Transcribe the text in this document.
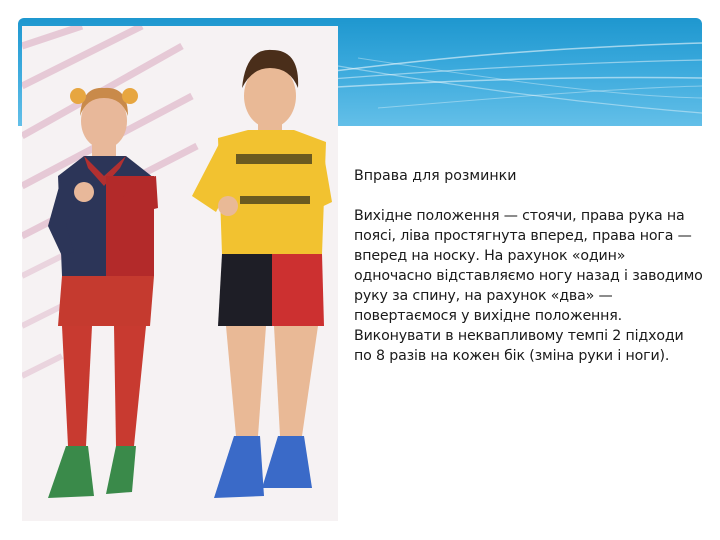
Вправа для розминки

Вихідне положення — стоячи, права рука на поясі, ліва простягнута вперед, права нога — вперед на носку. На рахунок «один» одночасно відставляємо ногу назад і заводимо руку за спину, на рахунок «два» — повертаємося у вихідне положення. Виконувати в неквапливому темпі 2 підходи по 8 разів на кожен бік (зміна руки і ноги).
